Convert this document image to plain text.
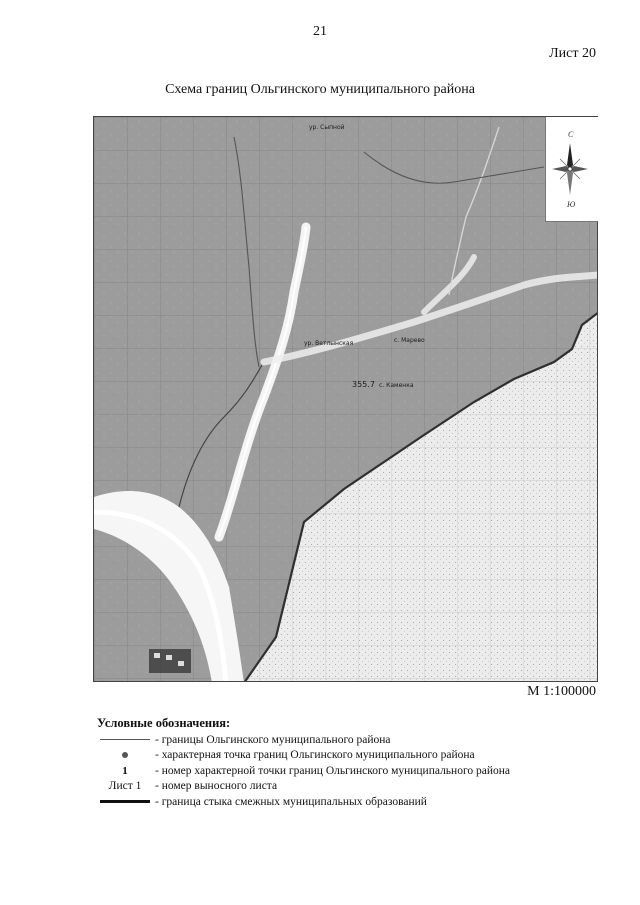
21
Лист 20
Схема границ Ольгинского муниципального района
355.7
с. Марево
с. Каменка
ур. Ветлынская
ур. Сыпной
С
Ю
М 1:100000
Условные обозначения:
- границы Ольгинского муниципального района
- характерная точка границ Ольгинского муниципального района
1 - номер характерной точки границ Ольгинского муниципального района
Лист 1 - номер выносного листа
- граница стыка смежных муниципальных образований
